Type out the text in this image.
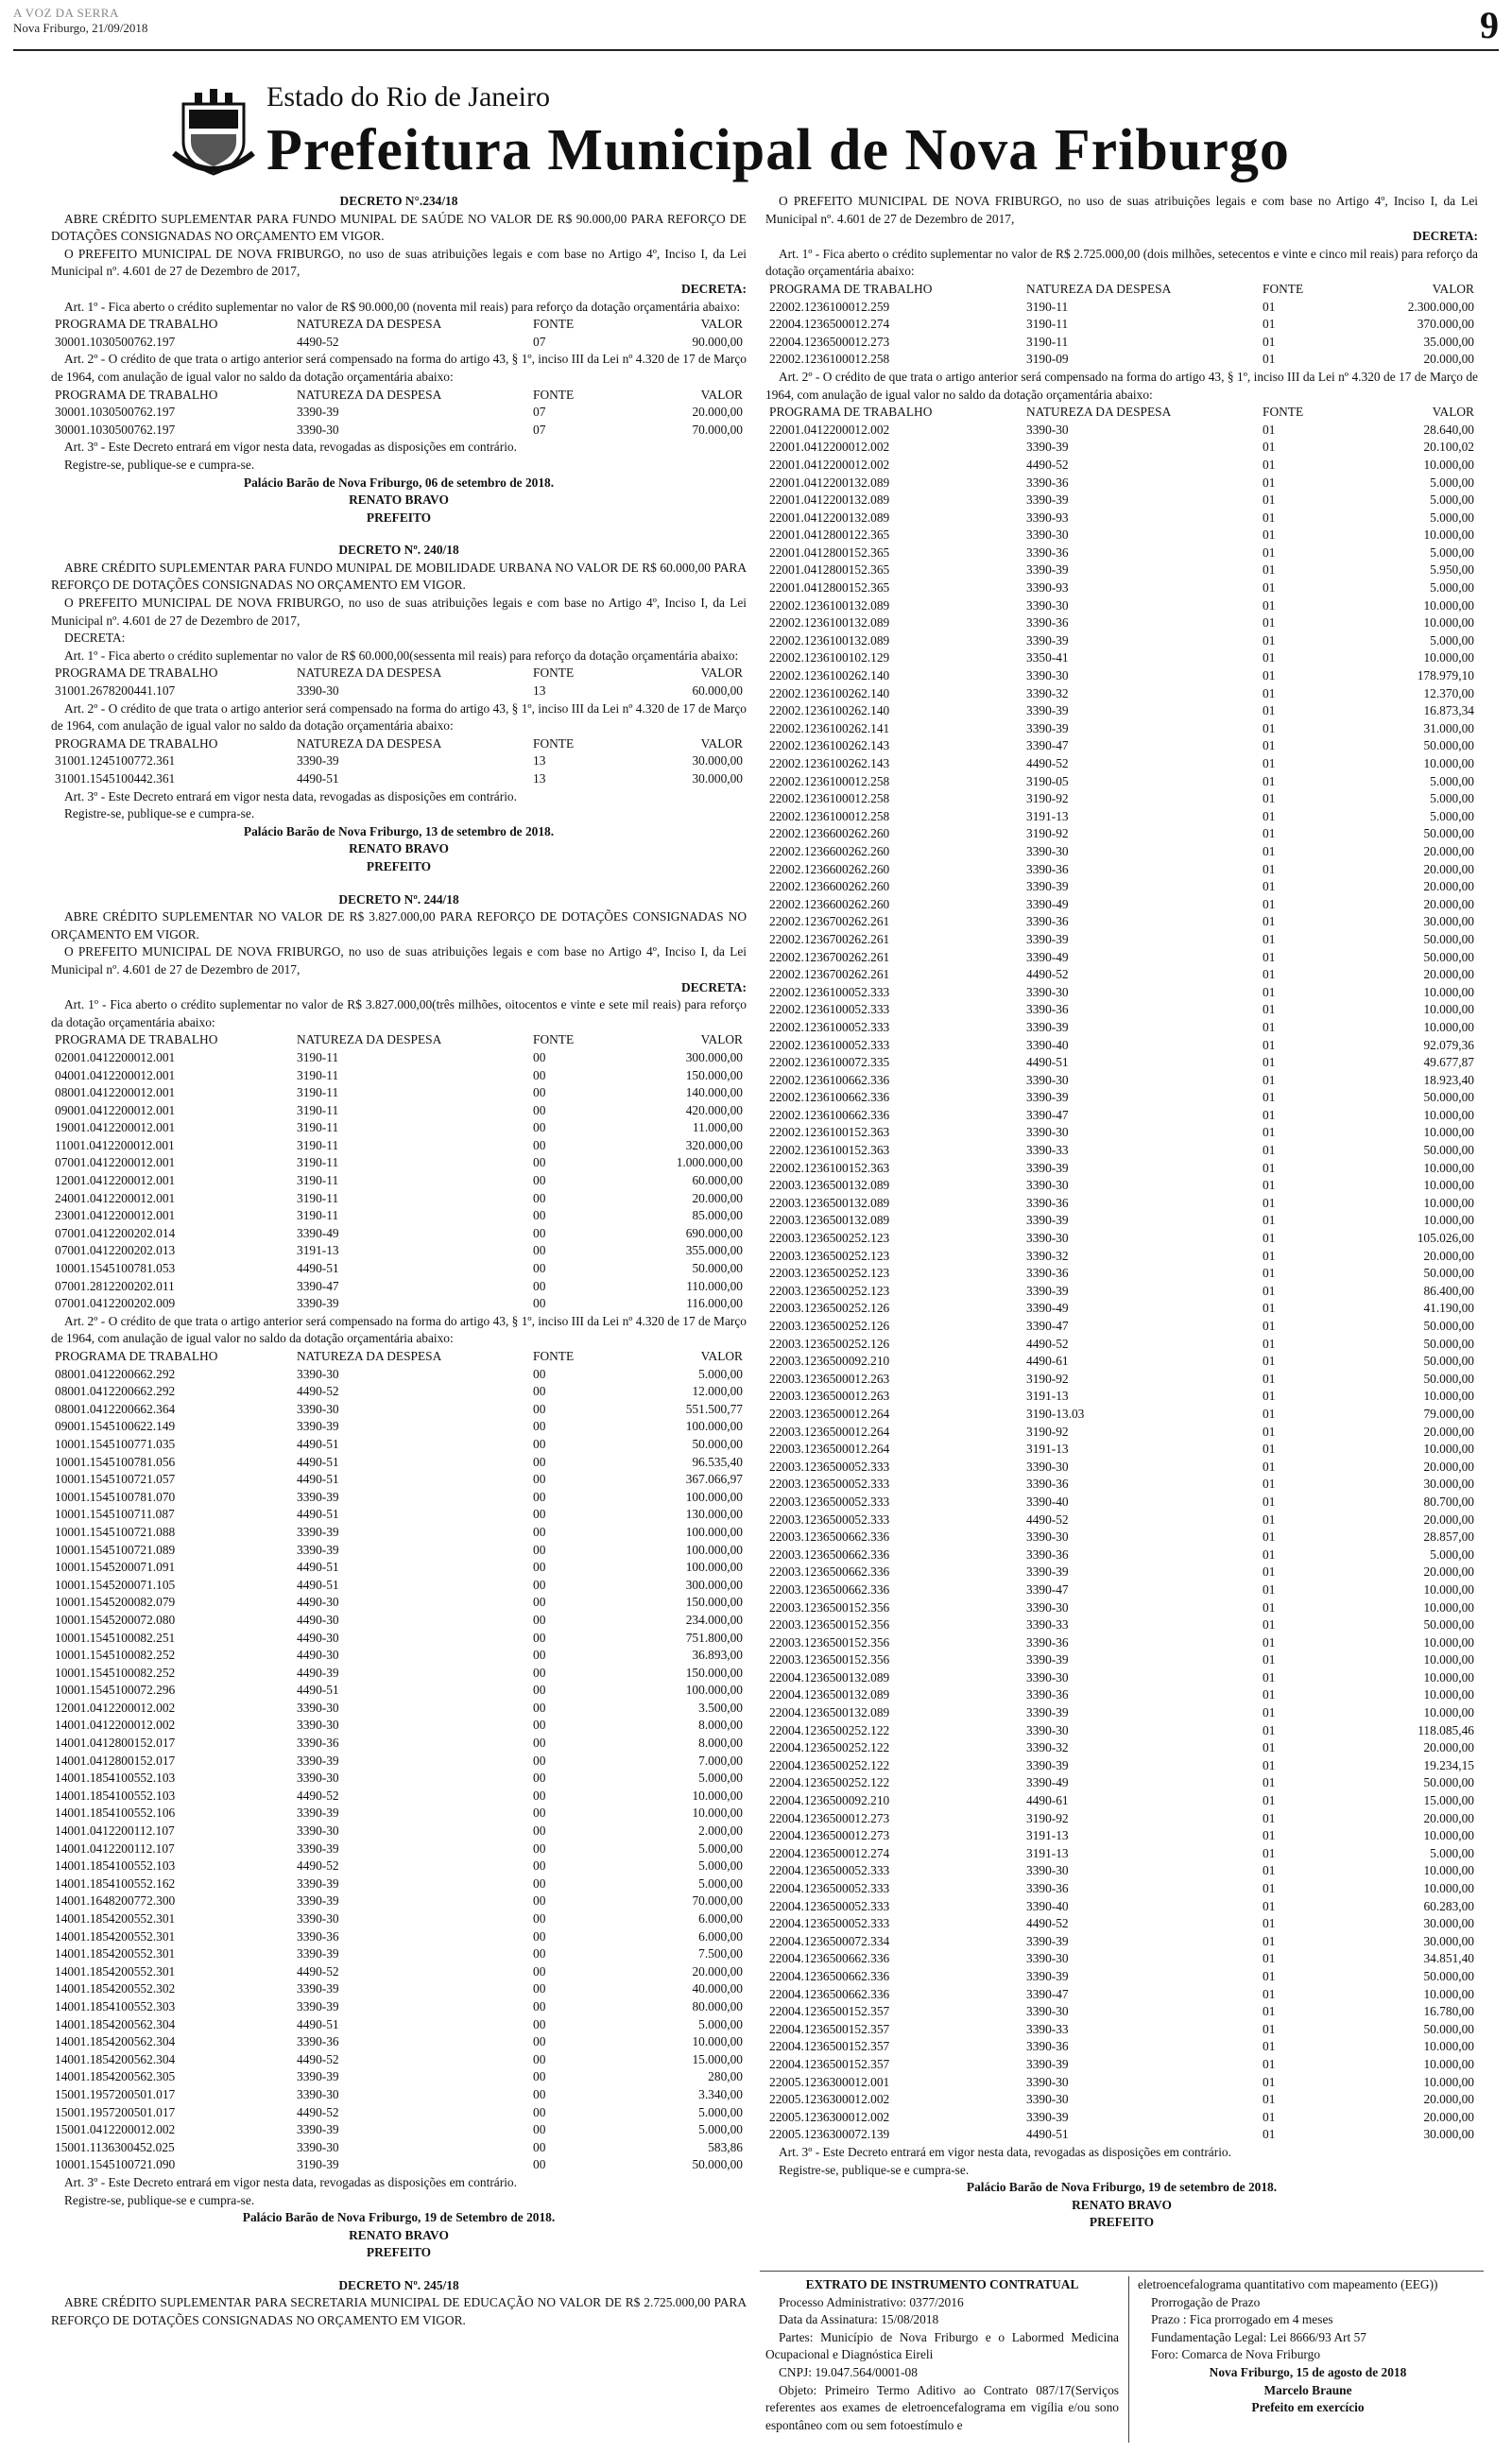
A VOZ DA SERRA
Nova Friburgo, 21/09/2018	9
Estado do Rio de Janeiro
Prefeitura Municipal de Nova Friburgo
DECRETO N°.234/18
ABRE CRÉDITO SUPLEMENTAR PARA FUNDO MUNIPAL DE SAÚDE NO VALOR DE R$ 90.000,00 PARA REFORÇO DE DOTAÇÕES CONSIGNADAS NO ORÇAMENTO EM VIGOR.
O PREFEITO MUNICIPAL DE NOVA FRIBURGO, no uso de suas atribuições legais e com base no Artigo 4º, Inciso I, da Lei Municipal nº. 4.601 de 27 de Dezembro de 2017,
DECRETA:
Art. 1º - Fica aberto o crédito suplementar no valor de R$ 90.000,00 (noventa mil reais) para reforço da dotação orçamentária abaixo:
PROGRAMA DE TRABALHO	NATUREZA DA DESPESA	FONTE	VALOR
30001.1030500762.197	4490-52	07	90.000,00
Art. 2º - O crédito de que trata o artigo anterior será compensado na forma do artigo 43, § 1º, inciso III da Lei nº 4.320 de 17 de Março de 1964, com anulação de igual valor no saldo da dotação orçamentária abaixo:
PROGRAMA DE TRABALHO	NATUREZA DA DESPESA	FONTE	VALOR
30001.1030500762.197	3390-39	07	20.000,00
30001.1030500762.197	3390-30	07	70.000,00
Art. 3º - Este Decreto entrará em vigor nesta data, revogadas as disposições em contrário.
Registre-se, publique-se e cumpra-se.
Palácio Barão de Nova Friburgo, 06 de setembro de 2018.
RENATO BRAVO
PREFEITO
DECRETO Nº. 240/18
ABRE CRÉDITO SUPLEMENTAR PARA FUNDO MUNIPAL DE MOBILIDADE URBANA NO VALOR DE R$ 60.000,00 PARA REFORÇO DE DOTAÇÕES CONSIGNADAS NO ORÇAMENTO EM VIGOR.
O PREFEITO MUNICIPAL DE NOVA FRIBURGO, no uso de suas atribuições legais e com base no Artigo 4º, Inciso I, da Lei Municipal nº. 4.601 de 27 de Dezembro de 2017,
DECRETA:
Art. 1º - Fica aberto o crédito suplementar no valor de R$ 60.000,00(sessenta mil reais) para reforço da dotação orçamentária abaixo:
PROGRAMA DE TRABALHO	NATUREZA DA DESPESA	FONTE	VALOR
31001.2678200441.107	3390-30	13	60.000,00
Art. 2º - O crédito de que trata o artigo anterior será compensado na forma do artigo 43, § 1º, inciso III da Lei nº 4.320 de 17 de Março de 1964, com anulação de igual valor no saldo da dotação orçamentária abaixo:
PROGRAMA DE TRABALHO	NATUREZA DA DESPESA	FONTE	VALOR
31001.1245100772.361	3390-39	13	30.000,00
31001.1545100442.361	4490-51	13	30.000,00
Art. 3º - Este Decreto entrará em vigor nesta data, revogadas as disposições em contrário.
Registre-se, publique-se e cumpra-se.
Palácio Barão de Nova Friburgo, 13 de setembro de 2018.
RENATO BRAVO
PREFEITO
DECRETO Nº. 244/18
ABRE CRÉDITO SUPLEMENTAR NO VALOR DE R$ 3.827.000,00 PARA REFORÇO DE DOTAÇÕES CONSIGNADAS NO ORÇAMENTO EM VIGOR.
O PREFEITO MUNICIPAL DE NOVA FRIBURGO, no uso de suas atribuições legais e com base no Artigo 4º, Inciso I, da Lei Municipal nº. 4.601 de 27 de Dezembro de 2017,
DECRETA:
Art. 1º - Fica aberto o crédito suplementar no valor de R$ 3.827.000,00(três milhões, oitocentos e vinte e sete mil reais) para reforço da dotação orçamentária abaixo:
PROGRAMA DE TRABALHO	NATUREZA DA DESPESA	FONTE	VALOR
02001.0412200012.001	3190-11	00	300.000,00
04001.0412200012.001	3190-11	00	150.000,00
08001.0412200012.001	3190-11	00	140.000,00
09001.0412200012.001	3190-11	00	420.000,00
19001.0412200012.001	3190-11	00	11.000,00
11001.0412200012.001	3190-11	00	320.000,00
07001.0412200012.001	3190-11	00	1.000.000,00
12001.0412200012.001	3190-11	00	60.000,00
24001.0412200012.001	3190-11	00	20.000,00
23001.0412200012.001	3190-11	00	85.000,00
07001.0412200202.014	3390-49	00	690.000,00
07001.0412200202.013	3191-13	00	355.000,00
10001.1545100781.053	4490-51	00	50.000,00
07001.2812200202.011	3390-47	00	110.000,00
07001.0412200202.009	3390-39	00	116.000,00
Art. 2º - O crédito de que trata o artigo anterior será compensado na forma do artigo 43, § 1º, inciso III da Lei nº 4.320 de 17 de Março de 1964, com anulação de igual valor no saldo da dotação orçamentária abaixo:
PROGRAMA DE TRABALHO	NATUREZA DA DESPESA	FONTE	VALOR
08001.0412200662.292	3390-30	00	5.000,00
08001.0412200662.292	4490-52	00	12.000,00
08001.0412200662.364	3390-30	00	551.500,77
09001.1545100622.149	3390-39	00	100.000,00
10001.1545100771.035	4490-51	00	50.000,00
10001.1545100781.056	4490-51	00	96.535,40
10001.1545100721.057	4490-51	00	367.066,97
10001.1545100781.070	3390-39	00	100.000,00
10001.1545100711.087	4490-51	00	130.000,00
10001.1545100721.088	3390-39	00	100.000,00
10001.1545100721.089	3390-39	00	100.000,00
10001.1545200071.091	4490-51	00	100.000,00
10001.1545200071.105	4490-51	00	300.000,00
10001.1545200082.079	4490-30	00	150.000,00
10001.1545200072.080	4490-30	00	234.000,00
10001.1545100082.251	4490-30	00	751.800,00
10001.1545100082.252	4490-30	00	36.893,00
10001.1545100082.252	4490-39	00	150.000,00
10001.1545100072.296	4490-51	00	100.000,00
12001.0412200012.002	3390-30	00	3.500,00
14001.0412200012.002	3390-30	00	8.000,00
14001.0412800152.017	3390-36	00	8.000,00
14001.0412800152.017	3390-39	00	7.000,00
14001.1854100552.103	3390-30	00	5.000,00
14001.1854100552.103	4490-52	00	10.000,00
14001.1854100552.106	3390-39	00	10.000,00
14001.0412200112.107	3390-30	00	2.000,00
14001.0412200112.107	3390-39	00	5.000,00
14001.1854100552.103	4490-52	00	5.000,00
14001.1854100552.162	3390-39	00	5.000,00
14001.1648200772.300	3390-39	00	70.000,00
14001.1854200552.301	3390-30	00	6.000,00
14001.1854200552.301	3390-36	00	6.000,00
14001.1854200552.301	3390-39	00	7.500,00
14001.1854200552.301	4490-52	00	20.000,00
14001.1854200552.302	3390-39	00	40.000,00
14001.1854100552.303	3390-39	00	80.000,00
14001.1854200562.304	4490-51	00	5.000,00
14001.1854200562.304	3390-36	00	10.000,00
14001.1854200562.304	4490-52	00	15.000,00
14001.1854200562.305	3390-39	00	280,00
15001.1957200501.017	3390-30	00	3.340,00
15001.1957200501.017	4490-52	00	5.000,00
15001.0412200012.002	3390-39	00	5.000,00
15001.1136300452.025	3390-30	00	583,86
10001.1545100721.090	3190-39	00	50.000,00
Art. 3º - Este Decreto entrará em vigor nesta data, revogadas as disposições em contrário.
Registre-se, publique-se e cumpra-se.
Palácio Barão de Nova Friburgo, 19 de Setembro de 2018.
RENATO BRAVO
PREFEITO
DECRETO Nº. 245/18
ABRE CRÉDITO SUPLEMENTAR PARA SECRETARIA MUNICIPAL DE EDUCAÇÃO NO VALOR DE R$ 2.725.000,00 PARA REFORÇO DE DOTAÇÕES CONSIGNADAS NO ORÇAMENTO EM VIGOR.
O PREFEITO MUNICIPAL DE NOVA FRIBURGO, no uso de suas atribuições legais e com base no Artigo 4º, Inciso I, da Lei Municipal nº. 4.601 de 27 de Dezembro de 2017,
DECRETA:
Art. 1º - Fica aberto o crédito suplementar no valor de R$ 2.725.000,00 (dois milhões, setecentos e vinte e cinco mil reais) para reforço da dotação orçamentária abaixo:
PROGRAMA DE TRABALHO	NATUREZA DA DESPESA	FONTE	VALOR
22002.1236100012.259	3190-11	01	2.300.000,00
22004.1236500012.274	3190-11	01	370.000,00
22004.1236500012.273	3190-11	01	35.000,00
22002.1236100012.258	3190-09	01	20.000,00
Art. 2º - O crédito de que trata o artigo anterior será compensado na forma do artigo 43, § 1º, inciso III da Lei nº 4.320 de 17 de Março de 1964, com anulação de igual valor no saldo da dotação orçamentária abaixo:
PROGRAMA DE TRABALHO	NATUREZA DA DESPESA	FONTE	VALOR
22001.0412200012.002	3390-30	01	28.640,00
22001.0412200012.002	3390-39	01	20.100,02
22001.0412200012.002	4490-52	01	10.000,00
22001.0412200132.089	3390-36	01	5.000,00
22001.0412200132.089	3390-39	01	5.000,00
22001.0412200132.089	3390-93	01	5.000,00
22001.0412800122.365	3390-30	01	10.000,00
22001.0412800152.365	3390-36	01	5.000,00
22001.0412800152.365	3390-39	01	5.950,00
22001.0412800152.365	3390-93	01	5.000,00
22002.1236100132.089	3390-30	01	10.000,00
22002.1236100132.089	3390-36	01	10.000,00
22002.1236100132.089	3390-39	01	5.000,00
22002.1236100102.129	3350-41	01	10.000,00
22002.1236100262.140	3390-30	01	178.979,10
22002.1236100262.140	3390-32	01	12.370,00
22002.1236100262.140	3390-39	01	16.873,34
22002.1236100262.141	3390-39	01	31.000,00
22002.1236100262.143	3390-47	01	50.000,00
22002.1236100262.143	4490-52	01	10.000,00
22002.1236100012.258	3190-05	01	5.000,00
22002.1236100012.258	3190-92	01	5.000,00
22002.1236100012.258	3191-13	01	5.000,00
22002.1236600262.260	3190-92	01	50.000,00
22002.1236600262.260	3390-30	01	20.000,00
22002.1236600262.260	3390-36	01	20.000,00
22002.1236600262.260	3390-39	01	20.000,00
22002.1236600262.260	3390-49	01	20.000,00
22002.1236700262.261	3390-36	01	30.000,00
22002.1236700262.261	3390-39	01	50.000,00
22002.1236700262.261	3390-49	01	50.000,00
22002.1236700262.261	4490-52	01	20.000,00
22002.1236100052.333	3390-30	01	10.000,00
22002.1236100052.333	3390-36	01	10.000,00
22002.1236100052.333	3390-39	01	10.000,00
22002.1236100052.333	3390-40	01	92.079,36
22002.1236100072.335	4490-51	01	49.677,87
22002.1236100662.336	3390-30	01	18.923,40
22002.1236100662.336	3390-39	01	50.000,00
22002.1236100662.336	3390-47	01	10.000,00
22002.1236100152.363	3390-30	01	10.000,00
22002.1236100152.363	3390-33	01	50.000,00
22002.1236100152.363	3390-39	01	10.000,00
22003.1236500132.089	3390-30	01	10.000,00
22003.1236500132.089	3390-36	01	10.000,00
22003.1236500132.089	3390-39	01	10.000,00
22003.1236500252.123	3390-30	01	105.026,00
22003.1236500252.123	3390-32	01	20.000,00
22003.1236500252.123	3390-36	01	50.000,00
22003.1236500252.123	3390-39	01	86.400,00
22003.1236500252.126	3390-49	01	41.190,00
22003.1236500252.126	3390-47	01	50.000,00
22003.1236500252.126	4490-52	01	50.000,00
22003.1236500092.210	4490-61	01	50.000,00
22003.1236500012.263	3190-92	01	50.000,00
22003.1236500012.263	3191-13	01	10.000,00
22003.1236500012.264	3190-13.03	01	79.000,00
22003.1236500012.264	3190-92	01	20.000,00
22003.1236500012.264	3191-13	01	10.000,00
22003.1236500052.333	3390-30	01	20.000,00
22003.1236500052.333	3390-36	01	30.000,00
22003.1236500052.333	3390-40	01	80.700,00
22003.1236500052.333	4490-52	01	20.000,00
22003.1236500662.336	3390-30	01	28.857,00
22003.1236500662.336	3390-36	01	5.000,00
22003.1236500662.336	3390-39	01	20.000,00
22003.1236500662.336	3390-47	01	10.000,00
22003.1236500152.356	3390-30	01	10.000,00
22003.1236500152.356	3390-33	01	50.000,00
22003.1236500152.356	3390-36	01	10.000,00
22003.1236500152.356	3390-39	01	10.000,00
22004.1236500132.089	3390-30	01	10.000,00
22004.1236500132.089	3390-36	01	10.000,00
22004.1236500132.089	3390-39	01	10.000,00
22004.1236500252.122	3390-30	01	118.085,46
22004.1236500252.122	3390-32	01	20.000,00
22004.1236500252.122	3390-39	01	19.234,15
22004.1236500252.122	3390-49	01	50.000,00
22004.1236500092.210	4490-61	01	15.000,00
22004.1236500012.273	3190-92	01	20.000,00
22004.1236500012.273	3191-13	01	10.000,00
22004.1236500012.274	3191-13	01	5.000,00
22004.1236500052.333	3390-30	01	10.000,00
22004.1236500052.333	3390-36	01	10.000,00
22004.1236500052.333	3390-40	01	60.283,00
22004.1236500052.333	4490-52	01	30.000,00
22004.1236500072.334	3390-39	01	30.000,00
22004.1236500662.336	3390-30	01	34.851,40
22004.1236500662.336	3390-39	01	50.000,00
22004.1236500662.336	3390-47	01	10.000,00
22004.1236500152.357	3390-30	01	16.780,00
22004.1236500152.357	3390-33	01	50.000,00
22004.1236500152.357	3390-36	01	10.000,00
22004.1236500152.357	3390-39	01	10.000,00
22005.1236300012.001	3390-30	01	10.000,00
22005.1236300012.002	3390-30	01	20.000,00
22005.1236300012.002	3390-39	01	20.000,00
22005.1236300072.139	4490-51	01	30.000,00
Art. 3º - Este Decreto entrará em vigor nesta data, revogadas as disposições em contrário.
Registre-se, publique-se e cumpra-se.
Palácio Barão de Nova Friburgo, 19 de setembro de 2018.
RENATO BRAVO
PREFEITO
EXTRATO DE INSTRUMENTO CONTRATUAL
Processo Administrativo: 0377/2016
Data da Assinatura: 15/08/2018
Partes: Município de Nova Friburgo e o Labormed Medicina Ocupacional e Diagnóstica Eireli
CNPJ: 19.047.564/0001-08
Objeto: Primeiro Termo Aditivo ao Contrato 087/17(Serviços referentes aos exames de eletroencefalograma em vigília e/ou sono espontâneo com ou sem fotoestímulo e
eletroencefalograma quantitativo com mapeamento (EEG))
Prorrogação de Prazo
Prazo : Fica prorrogado em 4 meses
Fundamentação Legal: Lei 8666/93 Art 57
Foro: Comarca de Nova Friburgo
Nova Friburgo, 15 de agosto de 2018
Marcelo Braune
Prefeito em exercício
